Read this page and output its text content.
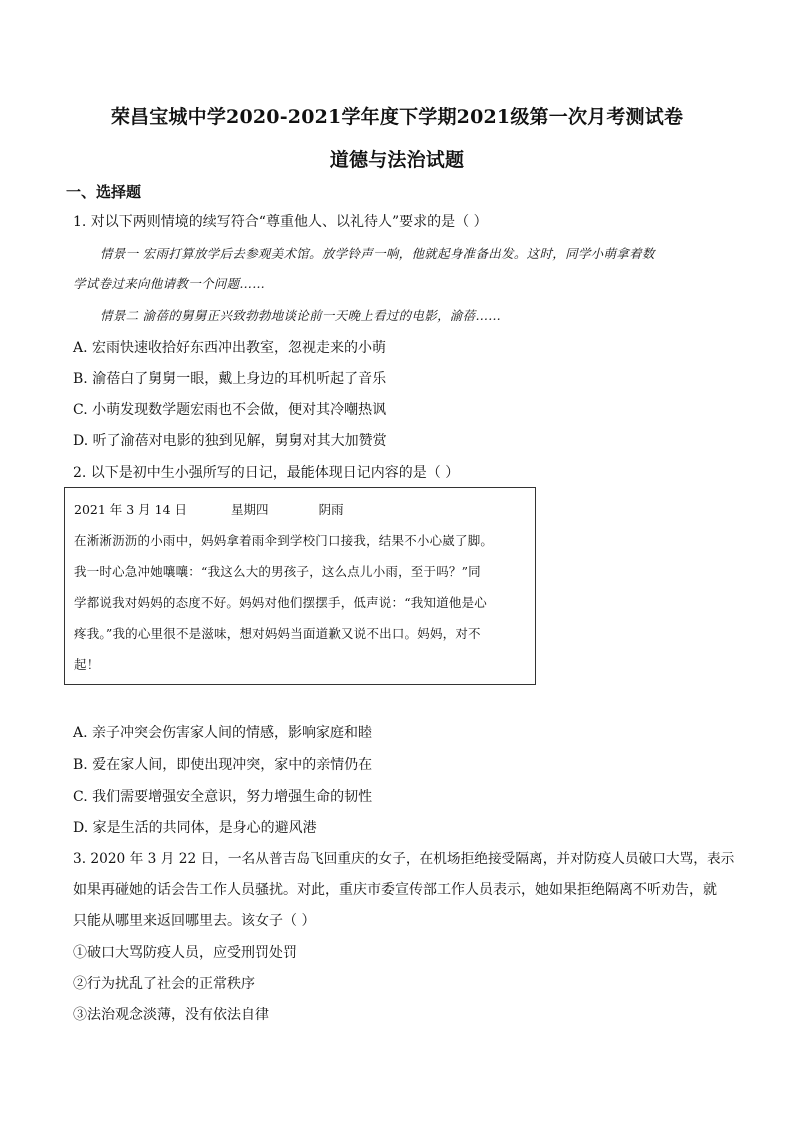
荣昌宝城中学2020-2021学年度下学期2021级第一次月考测试卷
道德与法治试题
一、选择题
1. 对以下两则情境的续写符合“尊重他人、以礼待人”要求的是（ ）
情景一 宏雨打算放学后去参观美术馆。放学铃声一响，他就起身准备出发。这时，同学小萌拿着数
学试卷过来向他请教一个问题……
情景二 渝蓓的舅舅正兴致勃勃地谈论前一天晚上看过的电影，渝蓓……
A. 宏雨快速收拾好东西冲出教室，忽视走来的小萌
B. 渝蓓白了舅舅一眼，戴上身边的耳机听起了音乐
C. 小萌发现数学题宏雨也不会做，便对其冷嘲热讽
D. 听了渝蓓对电影的独到见解，舅舅对其大加赞赏
2. 以下是初中生小强所写的日记，最能体现日记内容的是（ ）
2021 年 3 月 14 日	星期四	阴雨
在淅淅沥沥的小雨中，妈妈拿着雨伞到学校门口接我，结果不小心崴了脚。
我一时心急冲她嚷嚷：“我这么大的男孩子，这么点儿小雨，至于吗？”同
学都说我对妈妈的态度不好。妈妈对他们摆摆手，低声说：“我知道他是心
疼我。”我的心里很不是滋味，想对妈妈当面道歉又说不出口。妈妈，对不
起！
A. 亲子冲突会伤害家人间的情感，影响家庭和睦
B. 爱在家人间，即使出现冲突，家中的亲情仍在
C. 我们需要增强安全意识，努力增强生命的韧性
D. 家是生活的共同体，是身心的避风港
3. 2020 年 3 月 22 日，一名从普吉岛飞回重庆的女子，在机场拒绝接受隔离，并对防疫人员破口大骂，表示
如果再碰她的话会告工作人员骚扰。对此，重庆市委宣传部工作人员表示，她如果拒绝隔离不听劝告，就
只能从哪里来返回哪里去。该女子（ ）
①破口大骂防疫人员，应受刑罚处罚
②行为扰乱了社会的正常秩序
③法治观念淡薄，没有依法自律
